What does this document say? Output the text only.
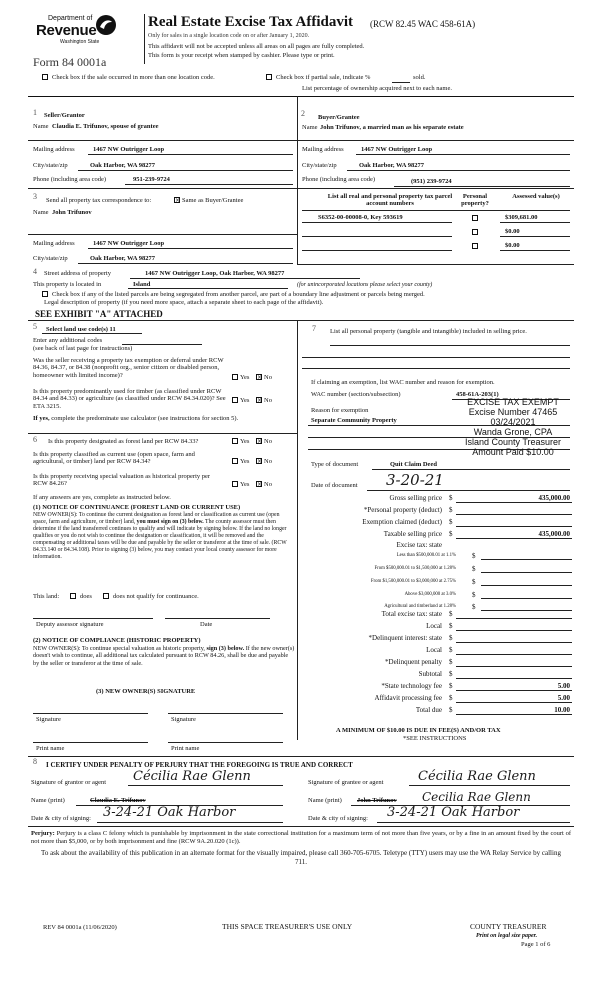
Department of
Revenue
Washington State
Real Estate Excise Tax Affidavit (RCW 82.45 WAC 458-61A)
Only for sales in a single location code on or after January 1, 2020.
This affidavit will not be accepted unless all areas on all pages are fully completed.
This form is your receipt when stamped by cashier. Please type or print.
Form 84 0001a
Check box if the sale occurred in more than one location code.	Check box if partial sale, indicate %	sold.
List percentage of ownership acquired next to each name.
1 Seller/Grantor
Name Claudia E. Trifunov, spouse of grantee
Mailing address	1467 NW Outrigger Loop
City/state/zip	Oak Harbor, WA 98277
Phone (including area code)	951-239-9724
2 Buyer/Grantee
Name John Trifunov, a married man as his separate estate
Mailing address	1467 NW Outrigger Loop
City/state/zip	Oak Harbor, WA 98277
Phone (including area code)	(951) 239-9724
3 Send all property tax correspondence to:	× Same as Buyer/Grantee
Name John Trifunov
Mailing address	1467 NW Outrigger Loop
City/state/zip	Oak Harbor, WA 98277
List all real and personal property tax parcel account numbers
Personal property?
Assessed value(s)
S6352-00-00008-0, Key 593619	$309,681.00
$0.00
$0.00
4 Street address of property	1467 NW Outrigger Loop, Oak Harbor, WA 98277
This property is located in	Island	(for unincorporated locations please select your county)
Check box if any of the listed parcels are being segregated from another parcel, are part of a boundary line adjustment or parcels being merged.
Legal description of property (if you need more space, attach a separate sheet to each page of the affidavit).
SEE EXHIBIT "A" ATTACHED
5 Select land use code(s) 11
Enter any additional codes
(see back of last page for instructions)
Was the seller receiving a property tax exemption or deferral under RCW 84.36, 84.37, or 84.38 (nonprofit org., senior citizen or disabled person, homeowner with limited income)?	Yes × No
Is this property predominantly used for timber (as classified under RCW 84.34 and 84.33) or agriculture (as classified under RCW 84.34.020)? See ETA 3215.
Yes × No
If yes, complete the predominate use calculator (see instructions for section 5).
6 Is this property designated as forest land per RCW 84.33?	Yes × No
Is this property classified as current use (open space, farm and agricultural, or timber) land per RCW 84.34?	Yes × No
Is this property receiving special valuation as historical property per RCW 84.26?	Yes × No
If any answers are yes, complete as instructed below.
(1) NOTICE OF CONTINUANCE (FOREST LAND OR CURRENT USE)
NEW OWNER(S): To continue the current designation as forest land or classification as current use (open space, farm and agriculture, or timber) land, you must sign on (3) below. The county assessor must then determine if the land transferred continues to qualify and will indicate by signing below. If the land no longer qualifies or you do not wish to continue the designation or classification, it will be removed and the compensating or additional taxes will be due and payable by the seller or transferor at the time of sale. (RCW 84.33.140 or 84.34.108). Prior to signing (3) below, you may contact your local county assessor for more information.
This land:	does	does not qualify for continuance.
Deputy assessor signature	Date
(2) NOTICE OF COMPLIANCE (HISTORIC PROPERTY)
NEW OWNER(S): To continue special valuation as historic property, sign (3) below. If the new owner(s) doesn't wish to continue, all additional tax calculated pursuant to RCW 84.26, shall be due and payable by the seller or transferor at the time of sale.
(3) NEW OWNER(S) SIGNATURE
Signature	Signature
Print name	Print name
7 List all personal property (tangible and intangible) included in selling price.
If claiming an exemption, list WAC number and reason for exemption.
WAC number (section/subsection)	458-61A-203(1)
Reason for exemption
Separate Community Property
EXCISE TAX EXEMPT
Excise Number 47465
03/24/2021
Wanda Grone, CPA
Island County Treasurer
Amount Paid $10.00
Type of document	Quit Claim Deed
Date of document 3-20-21
Gross selling price $	435,000.00
*Personal property (deduct) $
Exemption claimed (deduct) $
Taxable selling price $	435,000.00
Excise tax: state
Less than $500,000.01 at 1.1% $
From $500,000.01 to $1,500,000 at 1.28% $
From $1,500,000.01 to $3,000,000 at 2.75% $
Above $3,000,000 at 3.0% $
Agricultural and timberland at 1.28% $
Total excise tax: state $
Local $
*Delinquent interest: state $
Local $
*Delinquent penalty $
Subtotal $
*State technology fee $	5.00
Affidavit processing fee $	5.00
Total due $	10.00
A MINIMUM OF $10.00 IS DUE IN FEE(S) AND/OR TAX
*SEE INSTRUCTIONS
8 I CERTIFY UNDER PENALTY OF PERJURY THAT THE FOREGOING IS TRUE AND CORRECT
Signature of grantor or agent Cécilia Rae Glenn
Name (print)	Claudia E. Trifunov
Date & city of signing: 3-24-21 Oak Harbor
Signature of grantee or agent	Cécilia Rae Glenn
Name (print) John Trifunov Cecilia Rae Glenn
Date & city of signing: 3-24-21 Oak Harbor
Perjury: Perjury is a class C felony which is punishable by imprisonment in the state correctional institution for a maximum term of not more than five years, or by a fine in an amount fixed by the court of not more than $5,000, or by both imprisonment and fine (RCW 9A.20.020 (1c)).
To ask about the availability of this publication in an alternate format for the visually impaired, please call 360-705-6705. Teletype (TTY) users may use the WA Relay Service by calling 711.
REV 84 0001a (11/06/2020)	THIS SPACE TREASURER'S USE ONLY	COUNTY TREASURER
Print on legal size paper.
Page 1 of 6
